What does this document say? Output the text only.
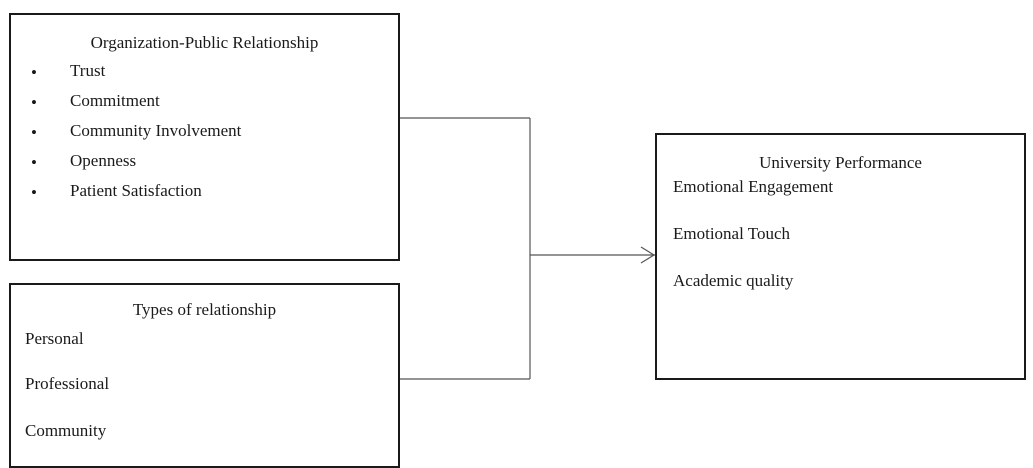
Organization-Public Relationship
• Trust
• Commitment
• Community Involvement
• Openness
• Patient Satisfaction
Types of relationship
Personal
Professional
Community
University Performance
Emotional Engagement
Emotional Touch
Academic quality
